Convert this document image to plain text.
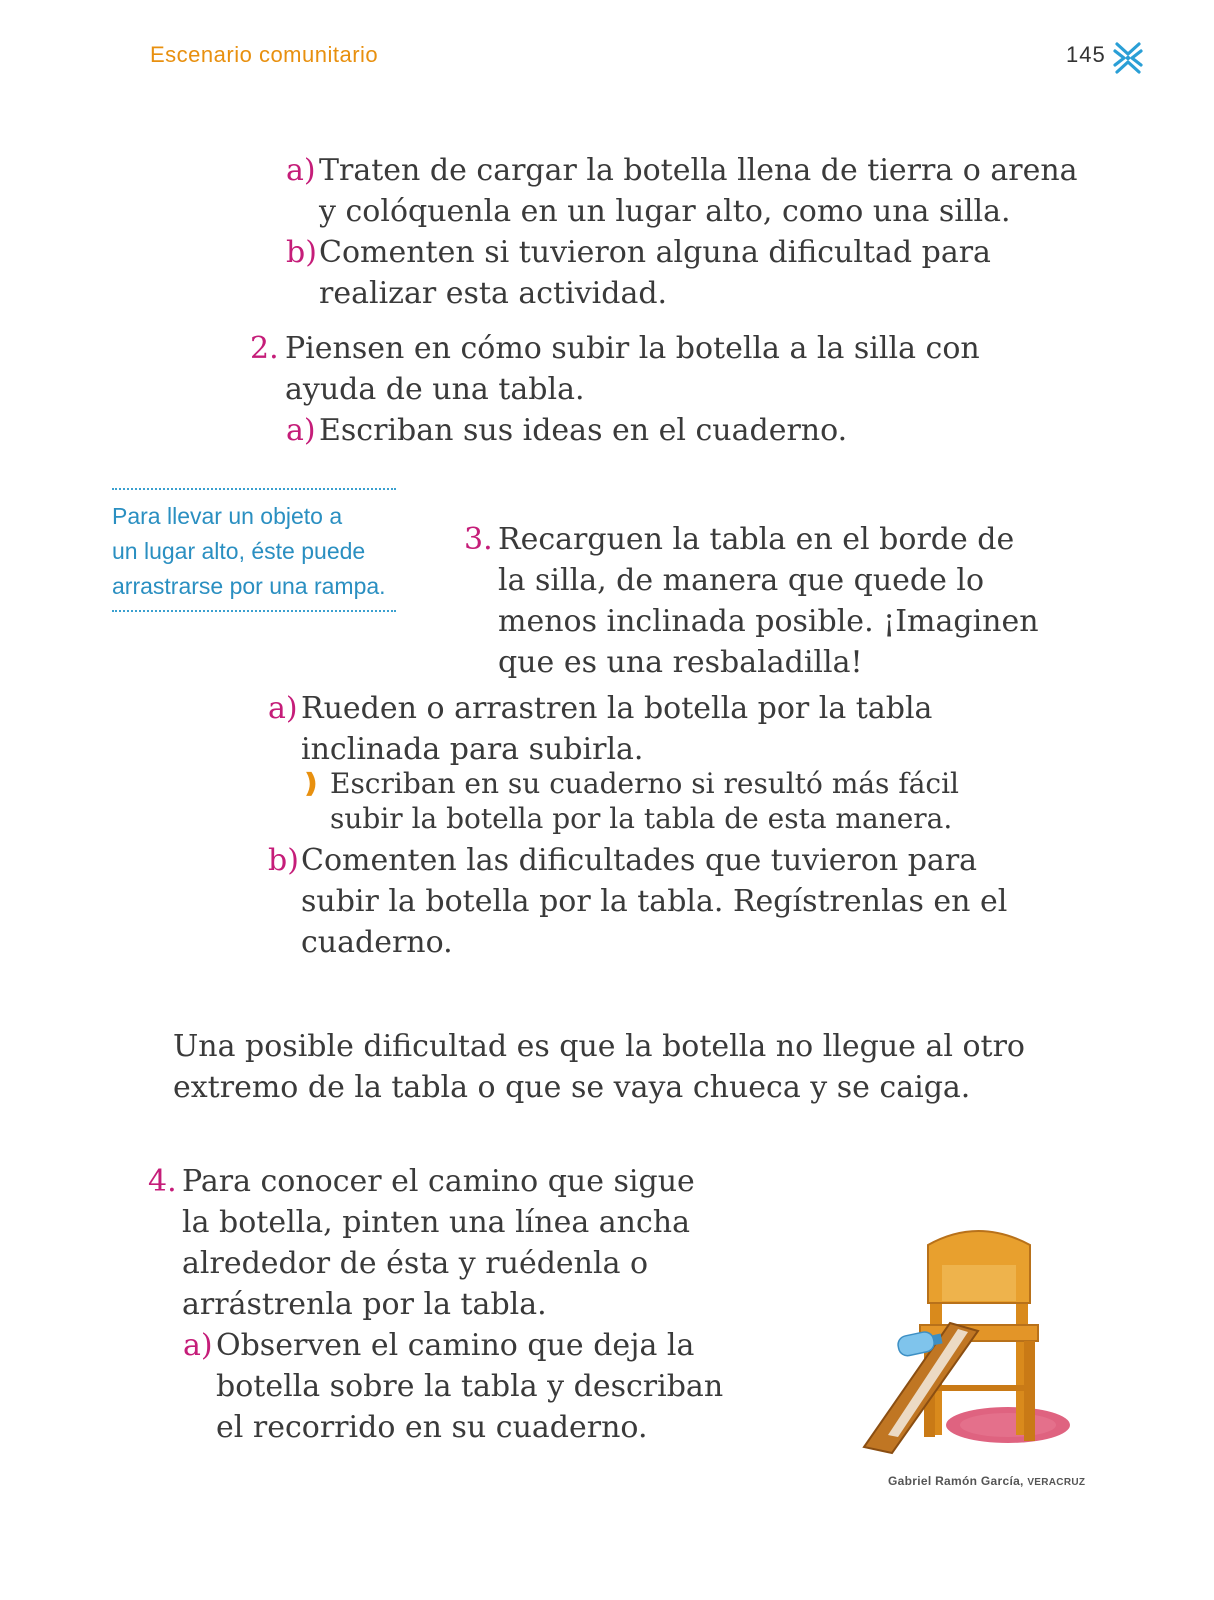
Escenario comunitario	145
a) Traten de cargar la botella llena de tierra o arena
y colóquenla en un lugar alto, como una silla.
b) Comenten si tuvieron alguna dificultad para
realizar esta actividad.
2. Piensen en cómo subir la botella a la silla con
ayuda de una tabla.
a) Escriban sus ideas en el cuaderno.
Para llevar un objeto a
un lugar alto, éste puede
arrastrarse por una rampa.
3. Recarguen la tabla en el borde de
la silla, de manera que quede lo
menos inclinada posible. ¡Imaginen
que es una resbaladilla!
a) Rueden o arrastren la botella por la tabla
inclinada para subirla.
❫ Escriban en su cuaderno si resultó más fácil
subir la botella por la tabla de esta manera.
b) Comenten las dificultades que tuvieron para
subir la botella por la tabla. Regístrenlas en el
cuaderno.
Una posible dificultad es que la botella no llegue al otro
extremo de la tabla o que se vaya chueca y se caiga.
4. Para conocer el camino que sigue
la botella, pinten una línea ancha
alrededor de ésta y ruédenla o
arrástrenla por la tabla.
a) Observen el camino que deja la
botella sobre la tabla y describan
el recorrido en su cuaderno.
Gabriel Ramón García, VERACRUZ
